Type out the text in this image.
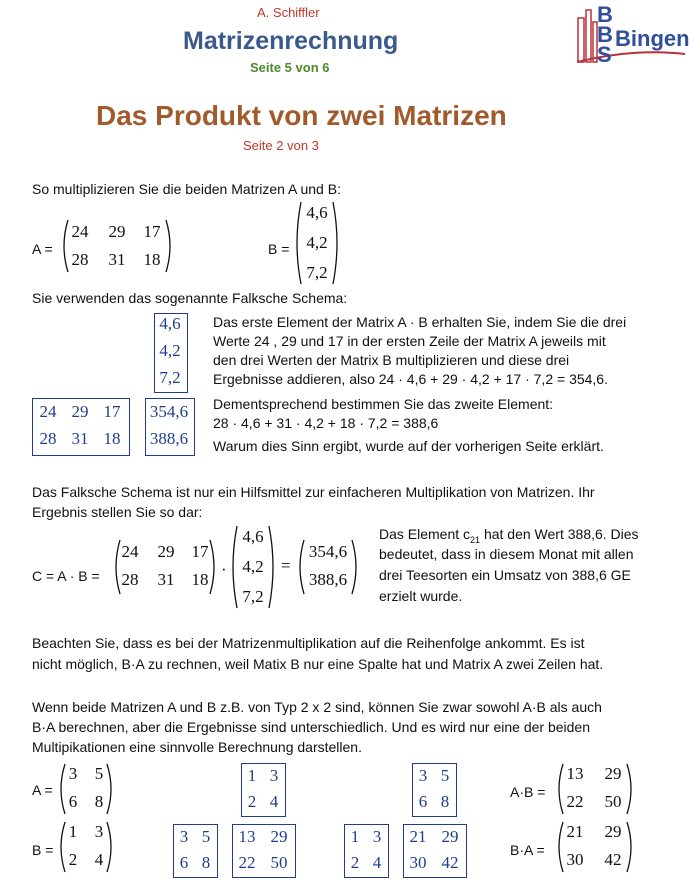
A. Schiffler
Matrizenrechnung
Seite 5 von 6
B
B
S
Bingen
Das Produkt von zwei Matrizen
Seite 2 von 3
So multiplizieren Sie die beiden Matrizen A und B:
A =
24 29 17
28 31 18
B =
4,6
4,2
7,2
Sie verwenden das sogenannte Falksche Schema:
4,6
4,2
7,2
24 29 17
28 31 18
354,6
388,6
Das erste Element der Matrix A · B erhalten Sie, indem Sie die drei
Werte 24 , 29 und 17 in der ersten Zeile der Matrix A jeweils mit
den drei Werten der Matrix B multiplizieren und diese drei
Ergebnisse addieren, also 24 · 4,6 + 29 · 4,2 + 17 · 7,2 = 354,6.
Dementsprechend bestimmen Sie das zweite Element:
28 · 4,6 + 31 · 4,2 + 18 · 7,2 = 388,6
Warum dies Sinn ergibt, wurde auf der vorherigen Seite erklärt.
Das Falksche Schema ist nur ein Hilfsmittel zur einfacheren Multiplikation von Matrizen. Ihr
Ergebnis stellen Sie so dar:
C = A · B =
24 29 17
28 31 18
·
4,6
4,2
7,2
=
354,6
388,6
Das Element $c_{21}$ hat den Wert 388,6. Dies
bedeutet, dass in diesem Monat mit allen
drei Teesorten ein Umsatz von 388,6 GE
erzielt wurde.
Beachten Sie, dass es bei der Matrizenmultiplikation auf die Reihenfolge ankommt. Es ist
nicht möglich, B·A zu rechnen, weil Matix B nur eine Spalte hat und Matrix A zwei Zeilen hat.
Wenn beide Matrizen A und B z.B. von Typ 2 x 2 sind, können Sie zwar sowohl A·B als auch
B·A berechnen, aber die Ergebnisse sind unterschiedlich. Und es wird nur eine der beiden
Multipikationen eine sinnvolle Berechnung darstellen.
A =
3 5
6 8
1 3
2 4
3 5
6 8	A·B =
13 29
22 50
B =
1 3
2 4
3 5
6 8
13 29
22 50
1 3
2 4
21 29
30 42
B·A =
21 29
30 42
